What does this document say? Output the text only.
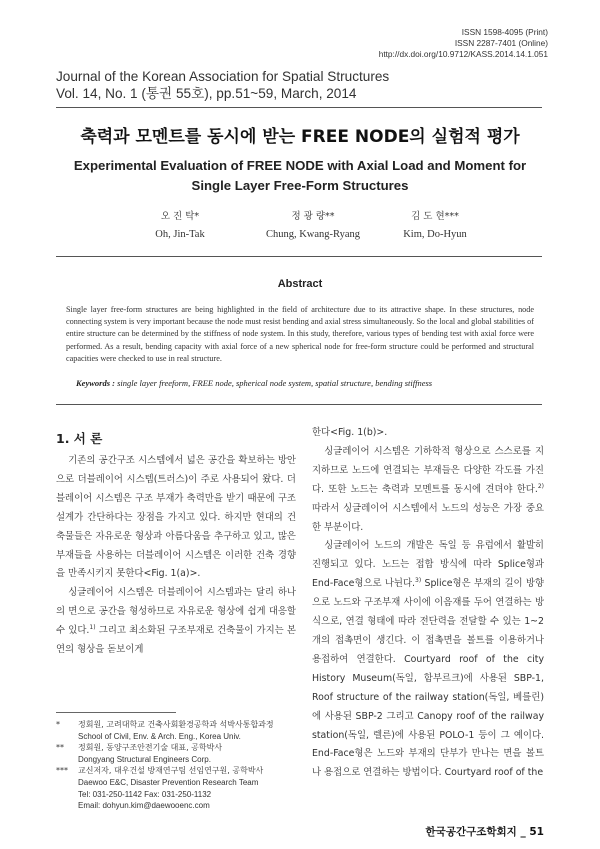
ISSN 1598-4095 (Print)
ISSN 2287-7401 (Online)
http://dx.doi.org/10.9712/KASS.2014.14.1.051
Journal of the Korean Association for Spatial Structures
Vol. 14, No. 1 (통권 55호), pp.51~59, March, 2014
축력과 모멘트를 동시에 받는 FREE NODE의 실험적 평가
Experimental Evaluation of FREE NODE with Axial Load and Moment for
Single Layer Free-Form Structures
오 진 탁*
Oh, Jin-Tak
정 광 량**
Chung, Kwang-Ryang
김 도 현***
Kim, Do-Hyun
Abstract
Single layer free-form structures are being highlighted in the field of architecture due to its attractive shape. In these structures, node connecting system is very important because the node must resist bending and axial stress simultaneously. So the local and global stabilities of entire structure can be determined by the stiffness of node system. In this study, therefore, various types of bending test with axial force were performed. As a result, bending capacity with axial force of a new spherical node for free-form structure could be performed and structural capacities were checked to use in real structure.
Keywords : single layer freeform, FREE node, spherical node system, spatial structure, bending stiffness
1. 서 론

기존의 공간구조 시스템에서 넓은 공간을 확보하는 방안으로 더블레이어 시스템(트러스)이 주로 사용되어 왔다. 더블레이어 시스템은 구조 부재가 축력만을 받기 때문에 구조 설계가 간단하다는 장점을 가지고 있다. 하지만 현대의 건축물들은 자유로운 형상과 아름다움을 추구하고 있고, 많은 부재들을 사용하는 더블레이어 시스템은 이러한 건축 경향을 만족시키지 못한다<Fig. 1(a)>.

싱글레이어 시스템은 더블레이어 시스템과는 달리 하나의 면으로 공간을 형성하므로 자유로운 형상에 쉽게 대응할 수 있다.$^{1)}$ 그리고 최소화된 구조부재로 건축물이 가지는 본연의 형상을 돋보이게

*	정회원, 고려대학교 건축사회환경공학과 석박사통합과정
School of Civil, Env. & Arch. Eng., Korea Univ.
**	정회원, 동양구조안전기술 대표, 공학박사
Dongyang Structural Engineers Corp.
***	교신저자, 대우건설 방재연구팀 선임연구원, 공학박사
Daewoo E&C, Disaster Prevention Research Team
Tel: 031-250-1142 Fax: 031-250-1132
Email: dohyun.kim@daewooenc.com

한다<Fig. 1(b)>.

싱글레이어 시스템은 기하학적 형상으로 스스로를 지지하므로 노드에 연결되는 부재들은 다양한 각도를 가진다. 또한 노드는 축력과 모멘트를 동시에 견뎌야 한다.$^{2)}$ 따라서 싱글레이어 시스템에서 노드의 성능은 가장 중요한 부분이다.

싱글레이어 노드의 개발은 독일 등 유럽에서 활발히 진행되고 있다. 노드는 접합 방식에 따라 Splice형과 End-Face형으로 나뉜다.$^{3)}$ Splice형은 부재의 길이 방향으로 노드와 구조부재 사이에 이음재를 두어 연결하는 방식으로, 연결 형태에 따라 전단력을 전달할 수 있는 1~2개의 접촉면이 생긴다. 이 접촉면을 볼트를 이용하거나 용접하여 연결한다. Courtyard roof of the city History Museum(독일, 함부르크)에 사용된 SBP-1, Roof structure of the railway station(독일, 베를린)에 사용된 SBP-2 그리고 Canopy roof of the railway station(독일, 렐른)에 사용된 POLO-1 등이 그 예이다. End-Face형은 노드와 부재의 단부가 만나는 면을 볼트나 용접으로 연결하는 방법이다. Courtyard roof of the

한국공간구조학회지 _ 51
